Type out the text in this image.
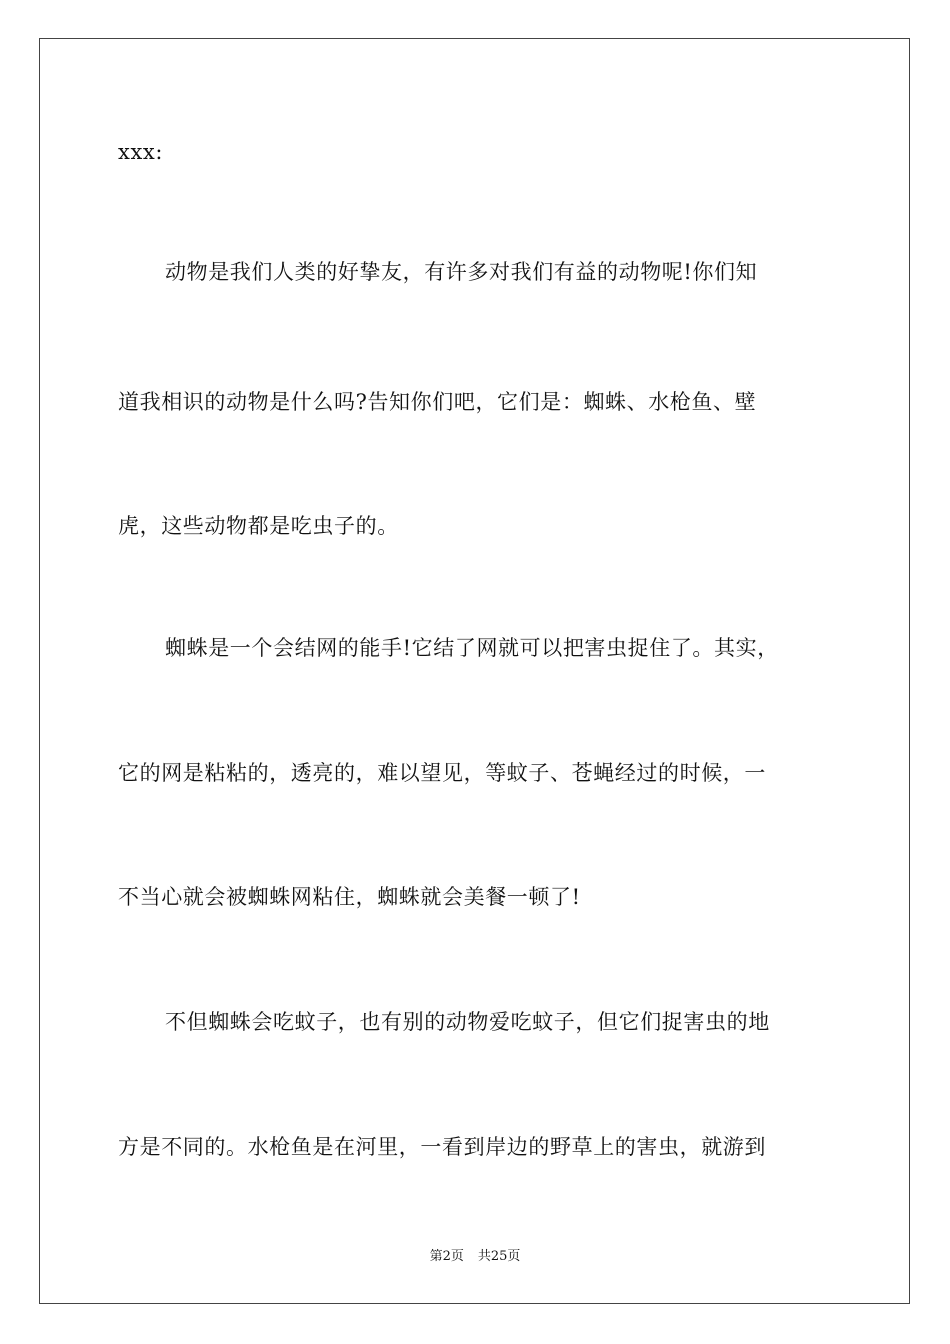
xxx:
动物是我们人类的好挚友，有许多对我们有益的动物呢!你们知
道我相识的动物是什么吗?告知你们吧，它们是：蜘蛛、水枪鱼、壁
虎，这些动物都是吃虫子的。
蜘蛛是一个会结网的能手!它结了网就可以把害虫捉住了。其实，
它的网是粘粘的，透亮的，难以望见，等蚊子、苍蝇经过的时候，一
不当心就会被蜘蛛网粘住，蜘蛛就会美餐一顿了!
不但蜘蛛会吃蚊子，也有别的动物爱吃蚊子，但它们捉害虫的地
方是不同的。水枪鱼是在河里，一看到岸边的野草上的害虫，就游到
第2页 共25页
